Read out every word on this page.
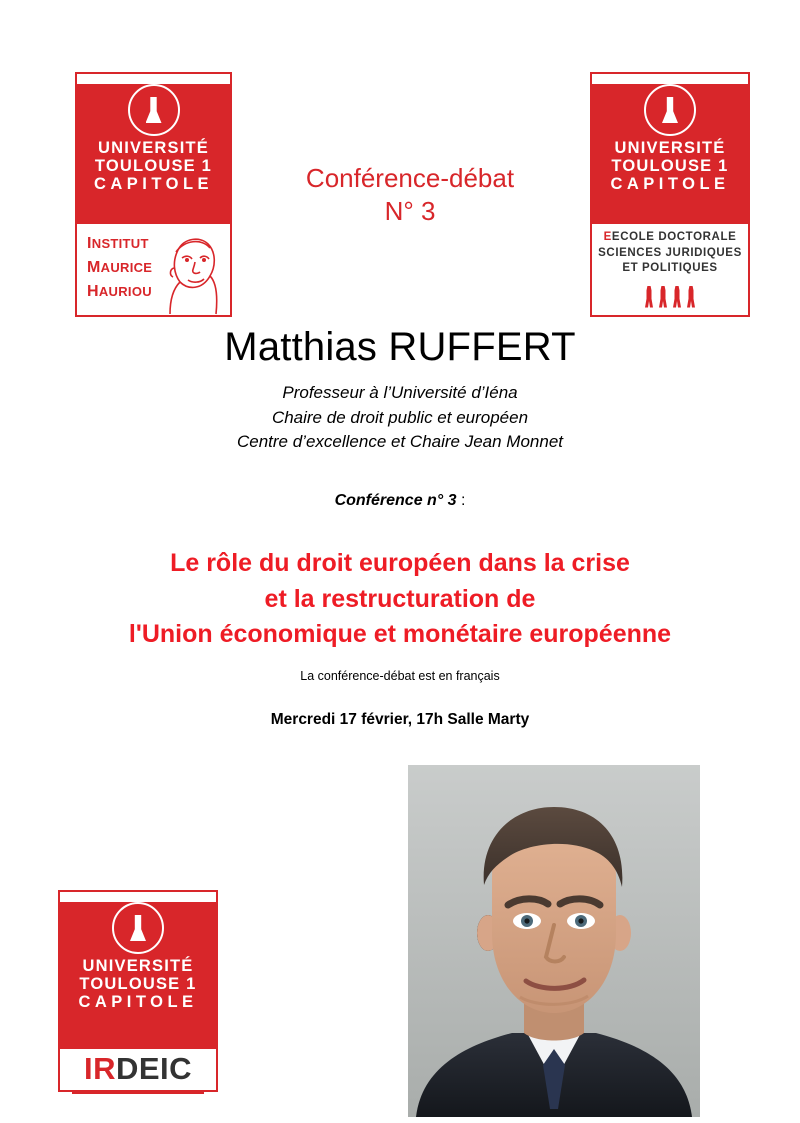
UNIVERSITÉ
TOULOUSE 1
CAPITOLE
INSTITUT
MAURICE
HAURIOU
UNIVERSITÉ
TOULOUSE 1
CAPITOLE
EECOLE DOCTORALE
SCIENCES JURIDIQUES
ET POLITIQUES
Conférence-débat
N° 3
Matthias RUFFERT
Professeur à l’Université d’Iéna
Chaire de droit public et européen
Centre d’excellence et Chaire Jean Monnet
Conférence n° 3 :
Le rôle du droit européen dans la crise
et la restructuration de
l'Union économique et monétaire européenne
La conférence-débat est en français
Mercredi 17 février, 17h Salle Marty
UNIVERSITÉ
TOULOUSE 1
CAPITOLE
IRDEIC
